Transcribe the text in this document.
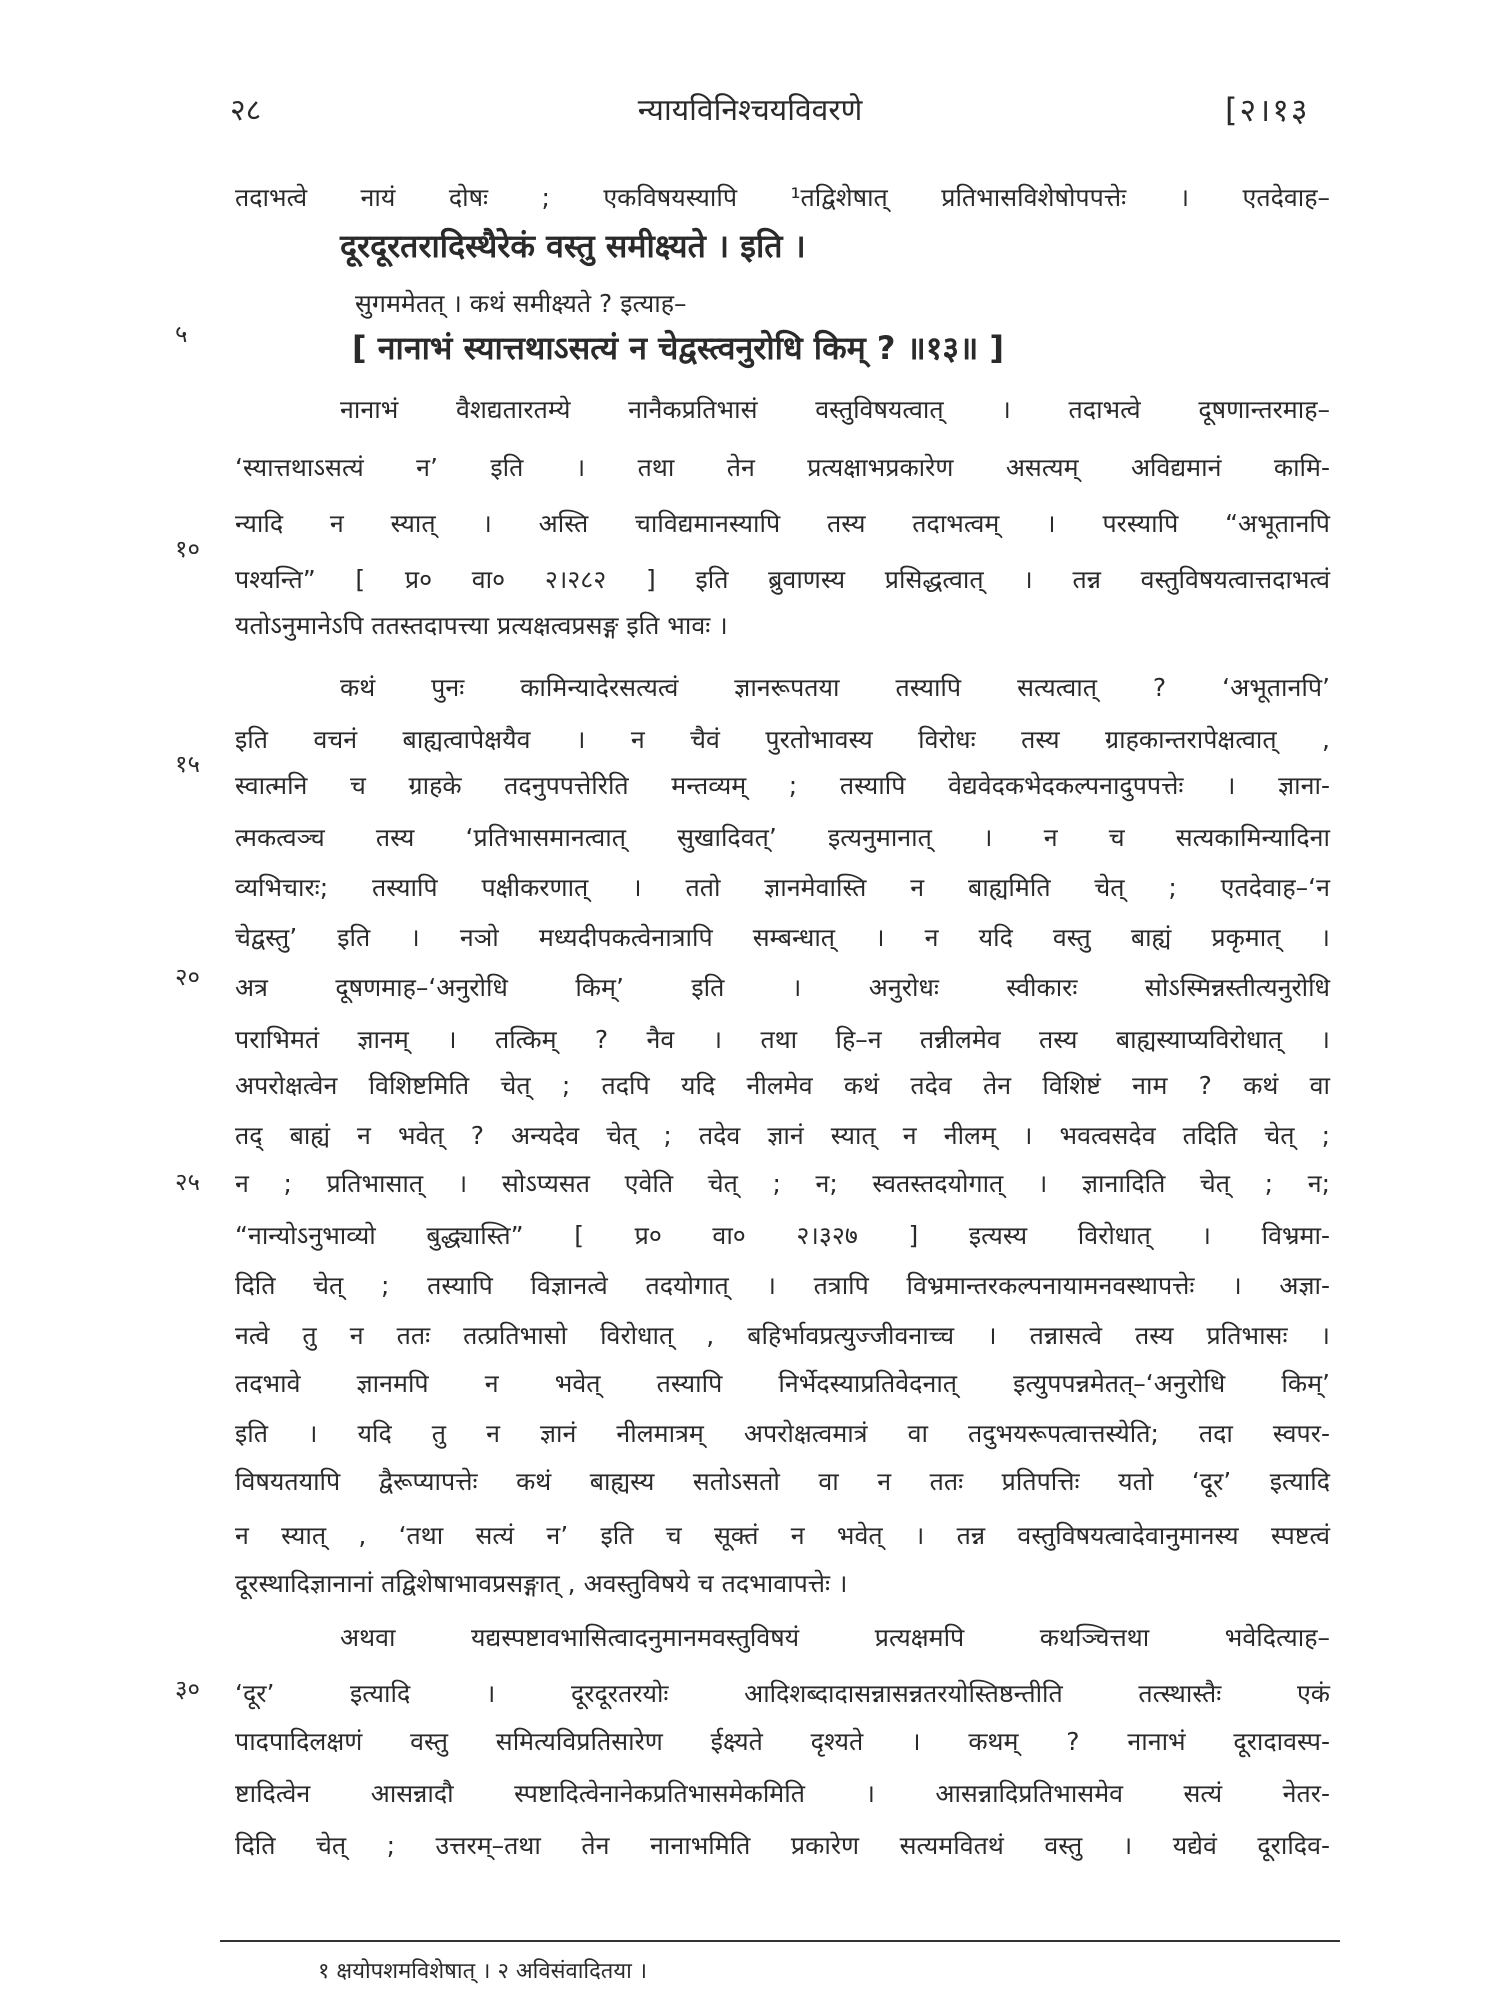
न्यायविनिश्चयविवरणे
२८	[२।१३
५
१०
१५
२०
२५
३०
तदाभत्वे नायं दोषः ; एकविषयस्यापि ¹तद्विशेषात् प्रतिभासविशेषोपपत्तेः । एतदेवाह–
दूरदूरतरादिस्थैरेकं वस्तु समीक्ष्यते । इति ।
सुगममेतत् । कथं समीक्ष्यते ? इत्याह–
[ नानाभं स्यात्तथाऽसत्यं न चेद्वस्त्वनुरोधि किम् ? ॥१३॥ ]
नानाभं वैशद्यतारतम्ये नानैकप्रतिभासं वस्तुविषयत्वात् । तदाभत्वे दूषणान्तरमाह–
‘स्यात्तथाऽसत्यं न’ इति । तथा तेन प्रत्यक्षाभप्रकारेण असत्यम् अविद्यमानं कामि-
न्यादि न स्यात् । अस्ति चाविद्यमानस्यापि तस्य तदाभत्वम् । परस्यापि “अभूतानपि
पश्यन्ति” [ प्र० वा० २।२८२ ] इति ब्रुवाणस्य प्रसिद्धत्वात् । तन्न वस्तुविषयत्वात्तदाभत्वं
यतोऽनुमानेऽपि ततस्तदापत्त्या प्रत्यक्षत्वप्रसङ्ग इति भावः ।
कथं पुनः कामिन्यादेरसत्यत्वं ज्ञानरूपतया तस्यापि सत्यत्वात् ? ‘अभूतानपि’
इति वचनं बाह्यत्वापेक्षयैव । न चैवं पुरतोभावस्य विरोधः तस्य ग्राहकान्तरापेक्षत्वात् ,
स्वात्मनि च ग्राहके तदनुपपत्तेरिति मन्तव्यम् ; तस्यापि वेद्यवेदकभेदकल्पनादुपपत्तेः । ज्ञाना-
त्मकत्वञ्च तस्य ‘प्रतिभासमानत्वात् सुखादिवत्’ इत्यनुमानात् । न च सत्यकामिन्यादिना
व्यभिचारः; तस्यापि पक्षीकरणात् । ततो ज्ञानमेवास्ति न बाह्यमिति चेत् ; एतदेवाह–‘न
चेद्वस्तु’ इति । नञो मध्यदीपकत्वेनात्रापि सम्बन्धात् । न यदि वस्तु बाह्यं प्रकृमात् ।
अत्र दूषणमाह–‘अनुरोधि किम्’ इति । अनुरोधः स्वीकारः सोऽस्मिन्नस्तीत्यनुरोधि
पराभिमतं ज्ञानम् । तत्किम् ? नैव । तथा हि–न तन्नीलमेव तस्य बाह्यस्याप्यविरोधात् ।
अपरोक्षत्वेन विशिष्टमिति चेत् ; तदपि यदि नीलमेव कथं तदेव तेन विशिष्टं नाम ? कथं वा
तद् बाह्यं न भवेत् ? अन्यदेव चेत् ; तदेव ज्ञानं स्यात् न नीलम् । भवत्वसदेव तदिति चेत् ;
न ; प्रतिभासात् । सोऽप्यसत एवेति चेत् ; न; स्वतस्तदयोगात् । ज्ञानादिति चेत् ; न;
“नान्योऽनुभाव्यो बुद्ध्यास्ति” [ प्र० वा० २।३२७ ] इत्यस्य विरोधात् । विभ्रमा-
दिति चेत् ; तस्यापि विज्ञानत्वे तदयोगात् । तत्रापि विभ्रमान्तरकल्पनायामनवस्थापत्तेः । अज्ञा-
नत्वे तु न ततः तत्प्रतिभासो विरोधात् , बहिर्भावप्रत्युज्जीवनाच्च । तन्नासत्वे तस्य प्रतिभासः ।
तदभावे ज्ञानमपि न भवेत् तस्यापि निर्भेदस्याप्रतिवेदनात् इत्युपपन्नमेतत्–‘अनुरोधि किम्’
इति । यदि तु न ज्ञानं नीलमात्रम् अपरोक्षत्वमात्रं वा तदुभयरूपत्वात्तस्येति; तदा स्वपर-
विषयतयापि द्वैरूप्यापत्तेः कथं बाह्यस्य सतोऽसतो वा न ततः प्रतिपत्तिः यतो ‘दूर’ इत्यादि
न स्यात् , ‘तथा सत्यं न’ इति च सूक्तं न भवेत् । तन्न वस्तुविषयत्वादेवानुमानस्य स्पष्टत्वं
दूरस्थादिज्ञानानां तद्विशेषाभावप्रसङ्गात् , अवस्तुविषये च तदभावापत्तेः ।
अथवा यद्यस्पष्टावभासित्वादनुमानमवस्तुविषयं प्रत्यक्षमपि कथञ्चित्तथा भवेदित्याह–
‘दूर’ इत्यादि । दूरदूरतरयोः आदिशब्दादासन्नासन्नतरयोस्तिष्ठन्तीति तत्स्थास्तैः एकं
पादपादिलक्षणं वस्तु समित्यविप्रतिसारेण ईक्ष्यते दृश्यते । कथम् ? नानाभं दूरादावस्प-
ष्टादित्वेन आसन्नादौ स्पष्टादित्वेनानेकप्रतिभासमेकमिति । आसन्नादिप्रतिभासमेव सत्यं नेतर-
दिति चेत् ; उत्तरम्–तथा तेन नानाभमिति प्रकारेण सत्यमवितथं वस्तु । यद्येवं दूरादिव-
१ क्षयोपशमविशेषात् । २ अविसंवादितया ।
